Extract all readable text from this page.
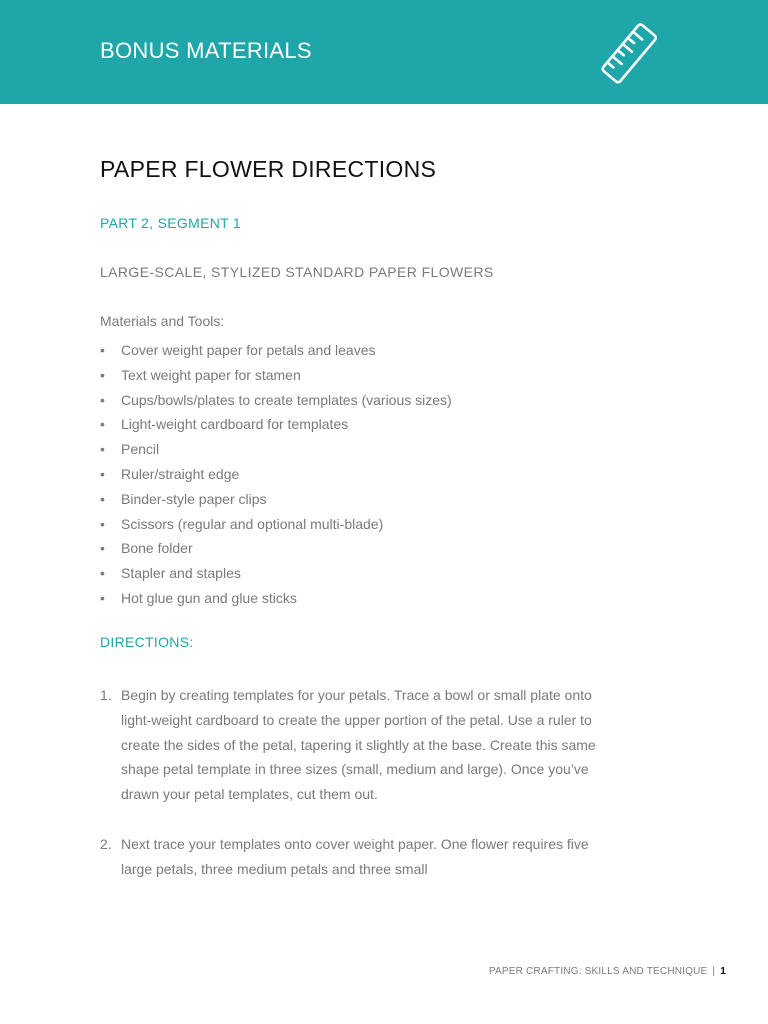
BONUS MATERIALS
PAPER FLOWER DIRECTIONS
PART 2, SEGMENT 1
LARGE-SCALE, STYLIZED STANDARD PAPER FLOWERS
Materials and Tools:
• Cover weight paper for petals and leaves
• Text weight paper for stamen
• Cups/bowls/plates to create templates (various sizes)
• Light-weight cardboard for templates
• Pencil
• Ruler/straight edge
• Binder-style paper clips
• Scissors (regular and optional multi-blade)
• Bone folder
• Stapler and staples
• Hot glue gun and glue sticks
DIRECTIONS:
1. Begin by creating templates for your petals. Trace a bowl or small plate onto light-weight cardboard to create the upper portion of the petal. Use a ruler to create the sides of the petal, tapering it slightly at the base. Create this same shape petal template in three sizes (small, medium and large). Once you’ve drawn your petal templates, cut them out.
2. Next trace your templates onto cover weight paper. One flower requires five large petals, three medium petals and three small
PAPER CRAFTING: SKILLS AND TECHNIQUE | 1
